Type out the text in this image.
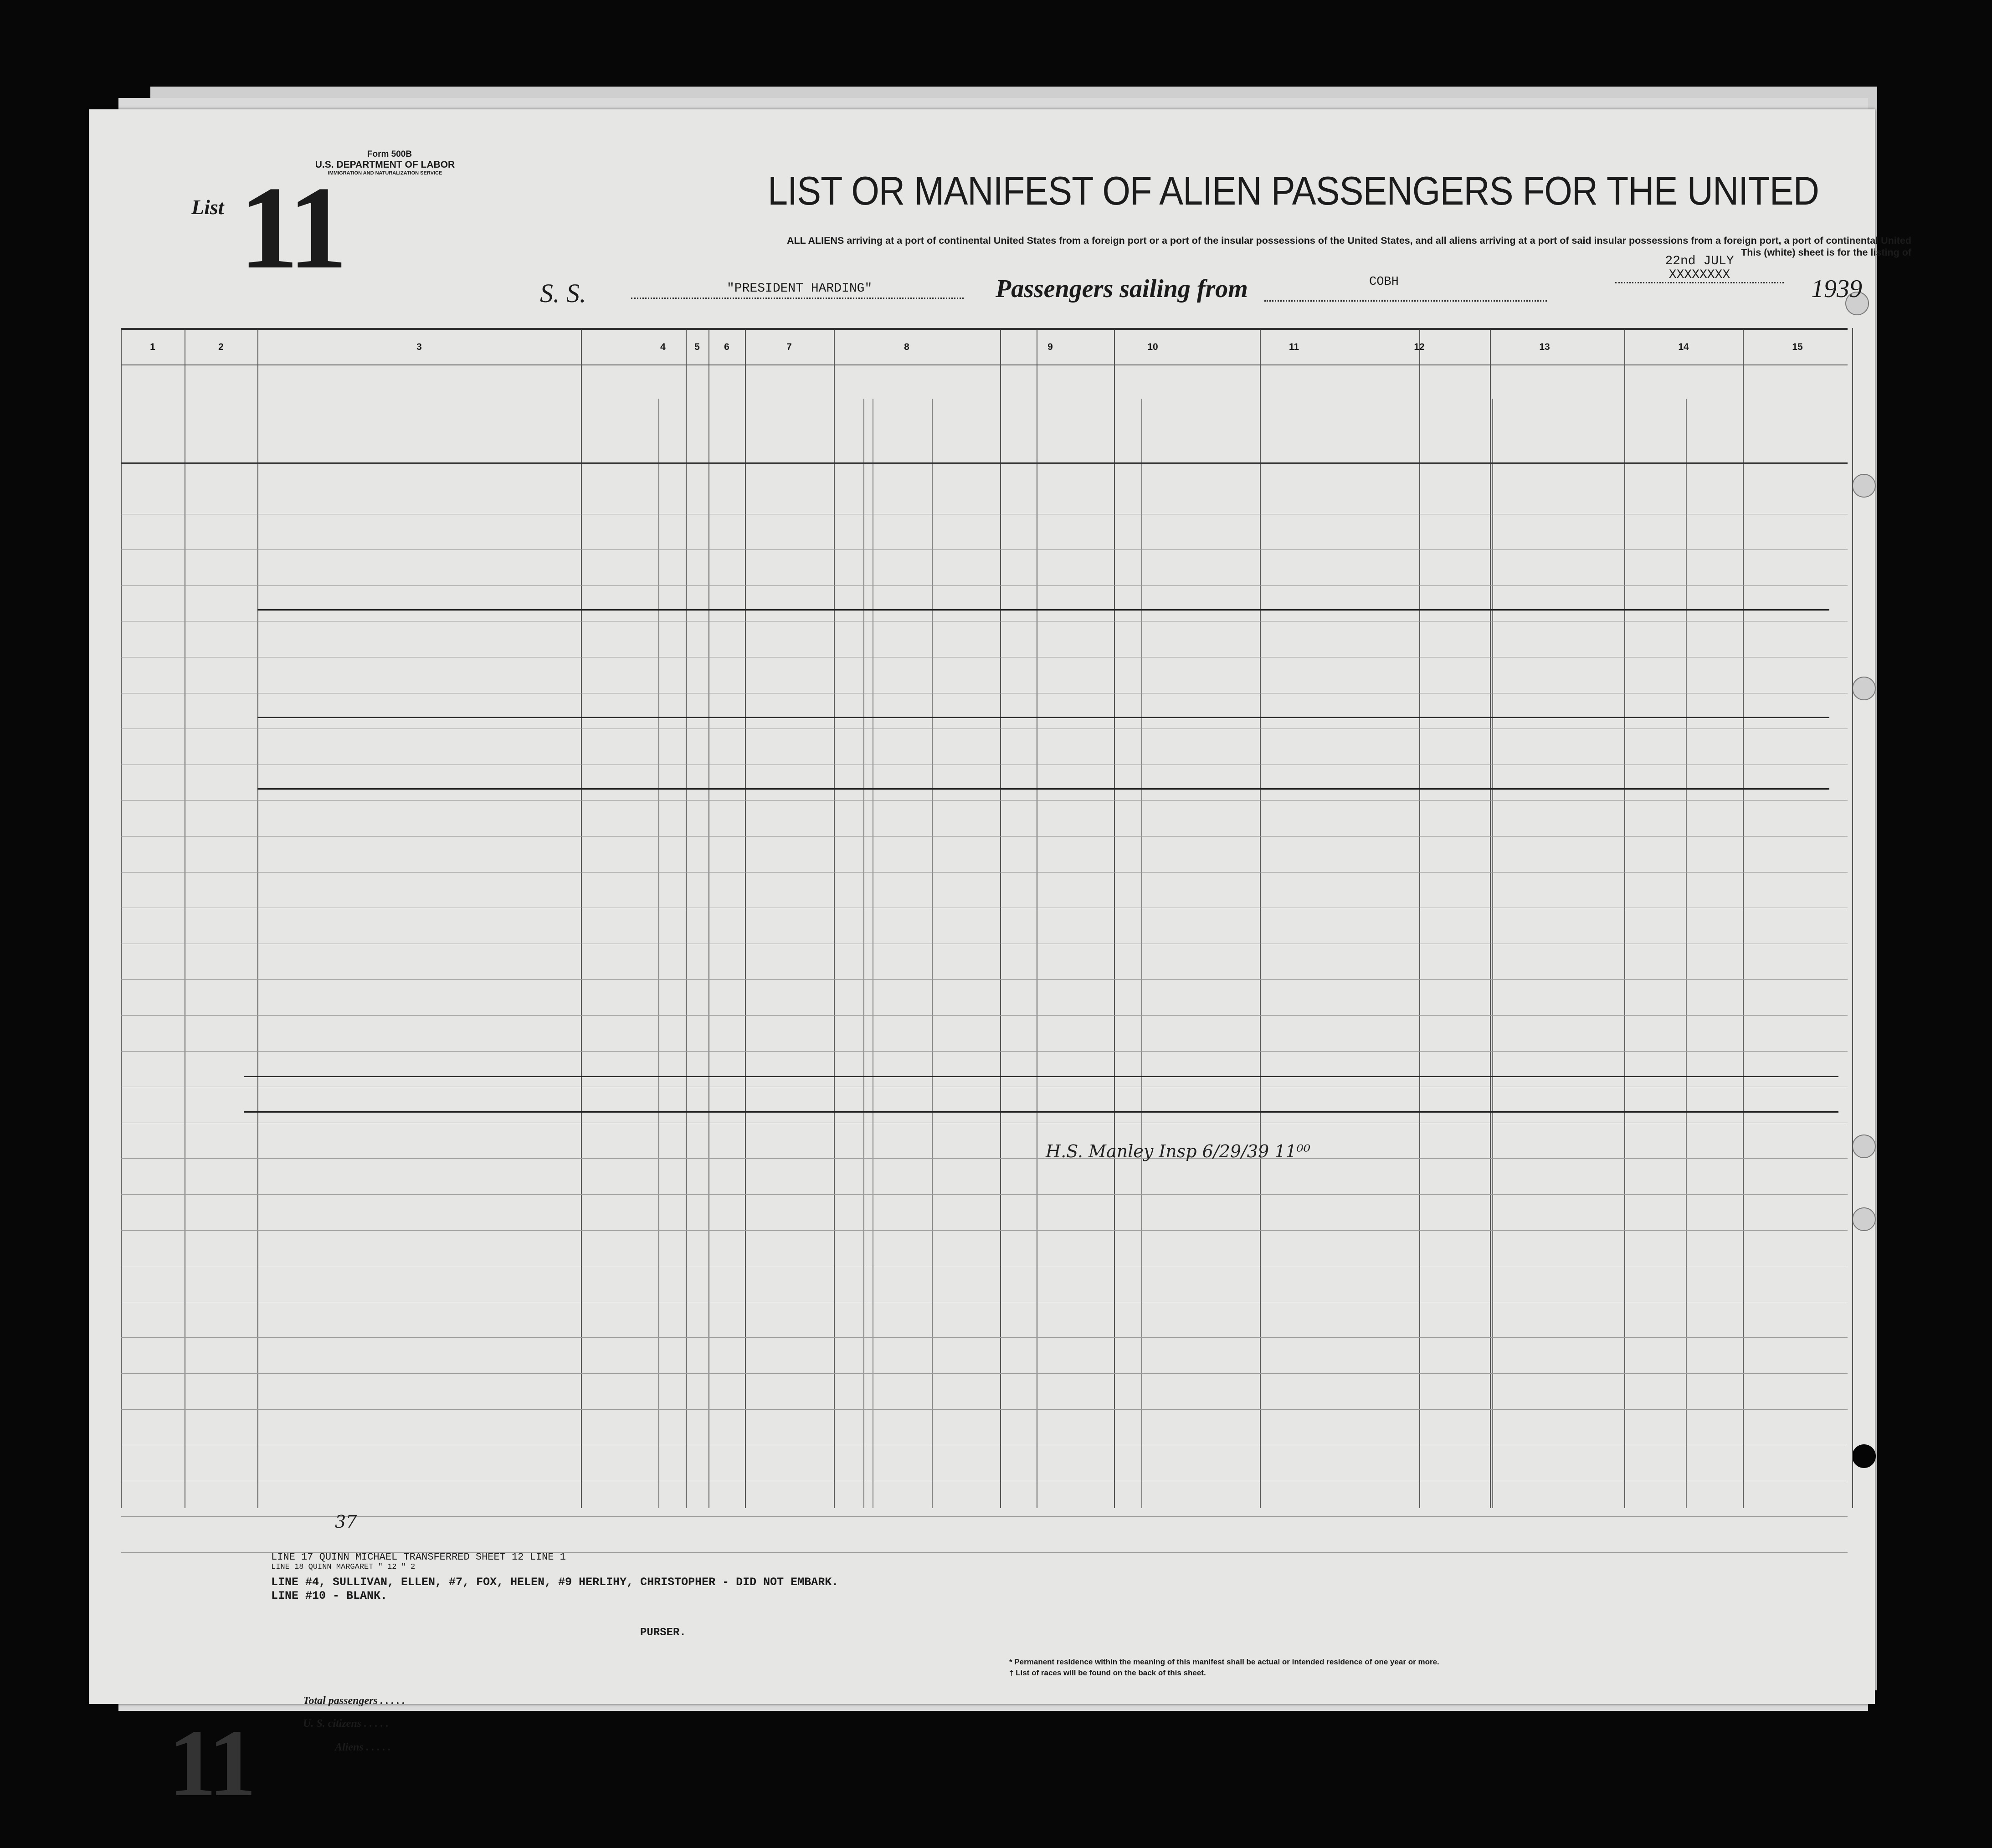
Form 500B
U.S. DEPARTMENT OF LABOR
IMMIGRATION AND NATURALIZATION SERVICE
List 11	LIST OR MANIFEST OF ALIEN PASSENGERS FOR THE UNITED
ALL ALIENS arriving at a port of continental United States from a foreign port or a port of the insular possessions of the United States, and all aliens arriving at a port of said insular possessions from a foreign port, a port of continental United
This (white) sheet is for the listing of
S. S.	"PRESIDENT HARDING"	Passengers sailing from	COBH
22nd JULY
XXXXXXXX	1939
1	2	3	4	5	6	7	8	9	10	11	12	13	14	15
11
Total passengers . . . . .
U. S. citizens . . . . .
Aliens . . . . .
* Permanent residence within the meaning of this manifest shall be actual or intended residence of one year or more.
† List of races will be found on the back of this sheet.
PURSER.
LINE 17 QUINN MICHAEL TRANSFERRED SHEET 12 LINE 1
LINE 18 QUINN MARGARET " 12 " 2
LINE #4, SULLIVAN, ELLEN, #7, FOX, HELEN, #9 HERLIHY, CHRISTOPHER - DID NOT EMBARK.
LINE #10 - BLANK.
37
H.S. Manley Insp 6/29/39 11⁰⁰
